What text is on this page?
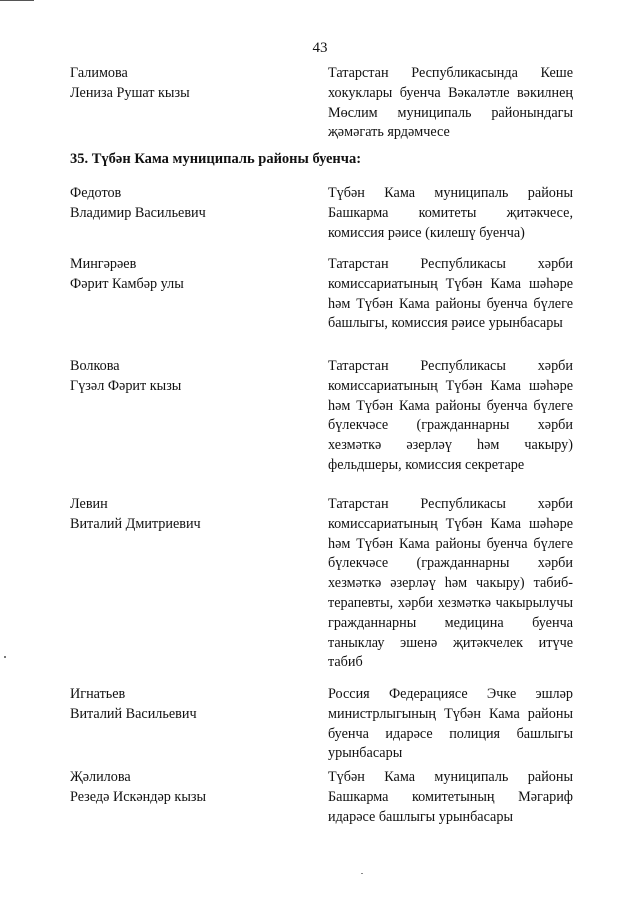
43
Галимова
Лениза Рушат кызы
Татарстан Республикасында Кеше хокуклары буенча Вәкаләтле вәкилнең Мөслим муниципаль районындагы җәмәгать ярдәмчесе
35. Түбән Кама муниципаль районы буенча:
Федотов
Владимир Васильевич
Түбән Кама муниципаль районы Башкарма комитеты җитәкчесе, комиссия рәисе (килешү буенча)
Мингәрәев
Фәрит Камбәр улы
Татарстан Республикасы хәрби комиссариатының Түбән Кама шәһәре һәм Түбән Кама районы буенча бүлеге башлыгы, комиссия рәисе урынбасары
Волкова
Гүзәл Фәрит кызы
Татарстан Республикасы хәрби комиссариатының Түбән Кама шәһәре һәм Түбән Кама районы буенча бүлеге бүлекчәсе (гражданнарны хәрби хезмәткә әзерләү һәм чакыру) фельдшеры, комиссия секретаре
Левин
Виталий Дмитриевич
Татарстан Республикасы хәрби комиссариатының Түбән Кама шәһәре һәм Түбән Кама районы буенча бүлеге бүлекчәсе (гражданнарны хәрби хезмәткә әзерләү һәм чакыру) табиб-терапевты, хәрби хезмәткә чакырылучы гражданнарны медицина буенча таныклау эшенә җитәкчелек итүче табиб
Игнатьев
Виталий Васильевич
Россия Федерациясе Эчке эшләр министрлыгының Түбән Кама районы буенча идарәсе полиция башлыгы урынбасары
Җәлилова
Резедә Искәндәр кызы
Түбән Кама муниципаль районы Башкарма комитетының Мәгариф идарәсе башлыгы урынбасары
